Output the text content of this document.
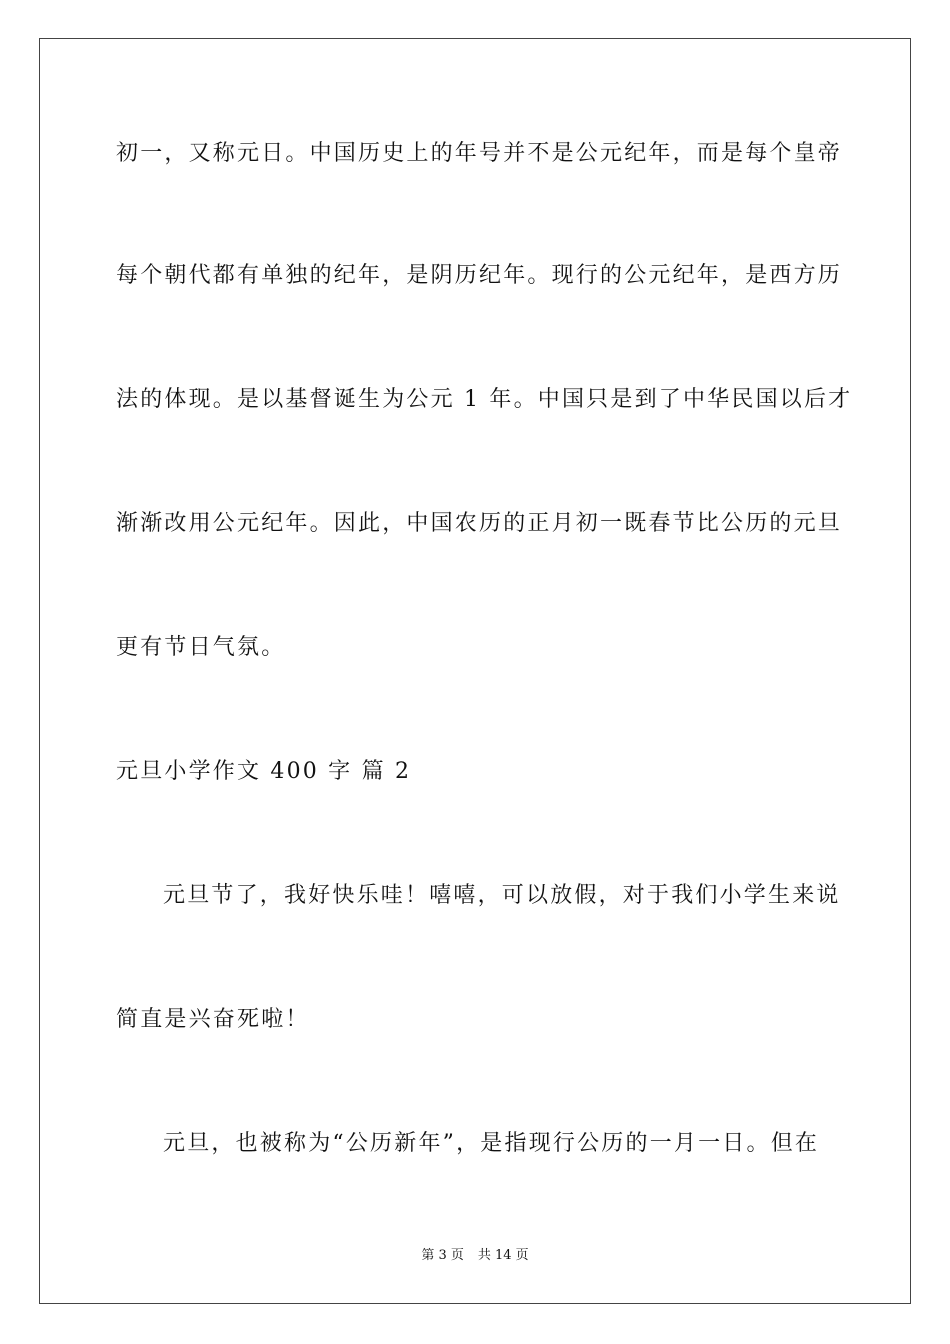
初一，又称元日。中国历史上的年号并不是公元纪年，而是每个皇帝
每个朝代都有单独的纪年，是阴历纪年。现行的公元纪年，是西方历
法的体现。是以基督诞生为公元 1 年。中国只是到了中华民国以后才
渐渐改用公元纪年。因此，中国农历的正月初一既春节比公历的元旦
更有节日气氛。
元旦小学作文 400 字 篇 2
元旦节了，我好快乐哇！嘻嘻，可以放假，对于我们小学生来说
简直是兴奋死啦！
元旦，也被称为“公历新年”，是指现行公历的一月一日。但在
第 3 页 共 14 页
